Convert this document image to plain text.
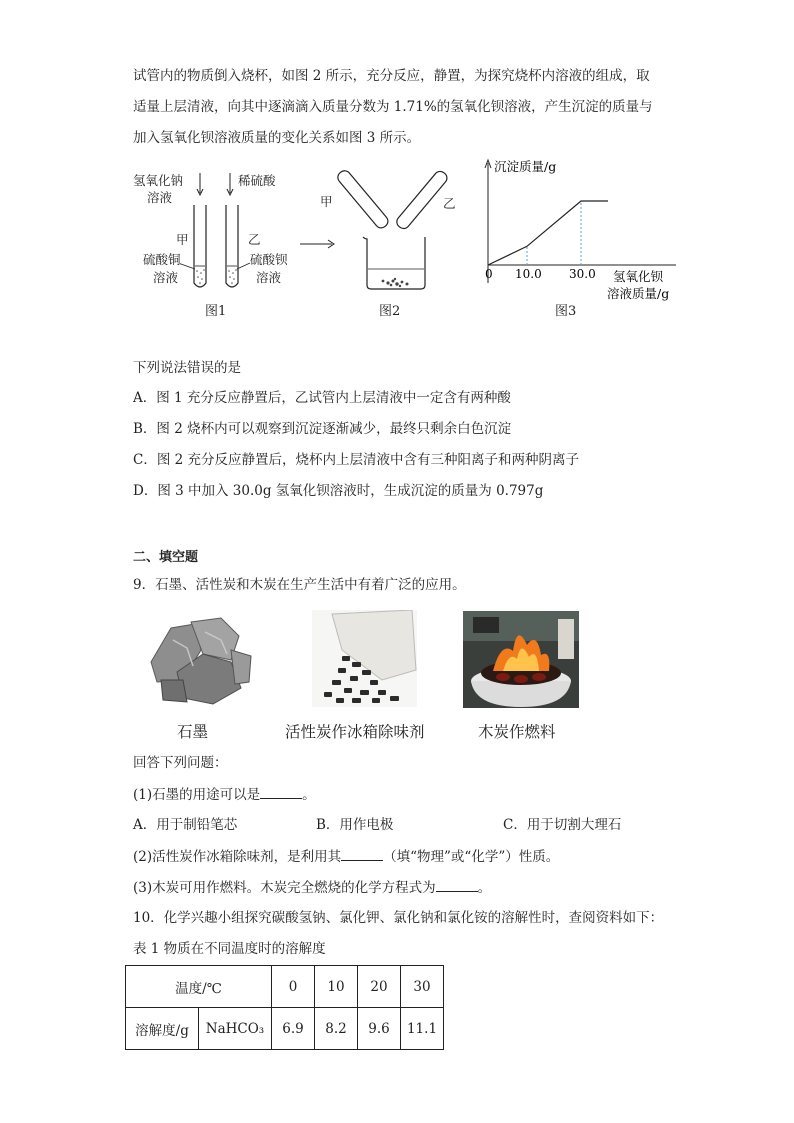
试管内的物质倒入烧杯，如图 2 所示，充分反应，静置，为探究烧杯内溶液的组成，取
适量上层清液，向其中逐滴滴入质量分数为 1.71%的氢氧化钡溶液，产生沉淀的质量与
加入氢氧化钡溶液质量的变化关系如图 3 所示。
氢氧化钠
溶液
稀硫酸
甲	乙
硫酸铜
溶液
硫酸钡
溶液
图1
甲	乙
图2
沉淀质量/g
0 10.0 30.0 氢氧化钡
溶液质量/g
图3
下列说法错误的是
A．图 1 充分反应静置后，乙试管内上层清液中一定含有两种酸
B．图 2 烧杯内可以观察到沉淀逐渐减少，最终只剩余白色沉淀
C．图 2 充分反应静置后，烧杯内上层清液中含有三种阳离子和两种阴离子
D．图 3 中加入 30.0g 氢氧化钡溶液时，生成沉淀的质量为 0.797g
二、填空题
9．石墨、活性炭和木炭在生产生活中有着广泛的应用。
石墨	活性炭作冰箱除味剂	木炭作燃料
回答下列问题：
(1)石墨的用途可以是	。
A．用于制铅笔芯	B．用作电极	C．用于切割大理石
(2)活性炭作冰箱除味剂，是利用其	（填“物理”或“化学”）性质。
(3)木炭可用作燃料。木炭完全燃烧的化学方程式为	。
10．化学兴趣小组探究碳酸氢钠、氯化钾、氯化钠和氯化铵的溶解性时，查阅资料如下：
表 1 物质在不同温度时的溶解度
温度/℃		0	10	20	30
溶解度/g	NaHCO₃	6.9	8.2	9.6	11.1
